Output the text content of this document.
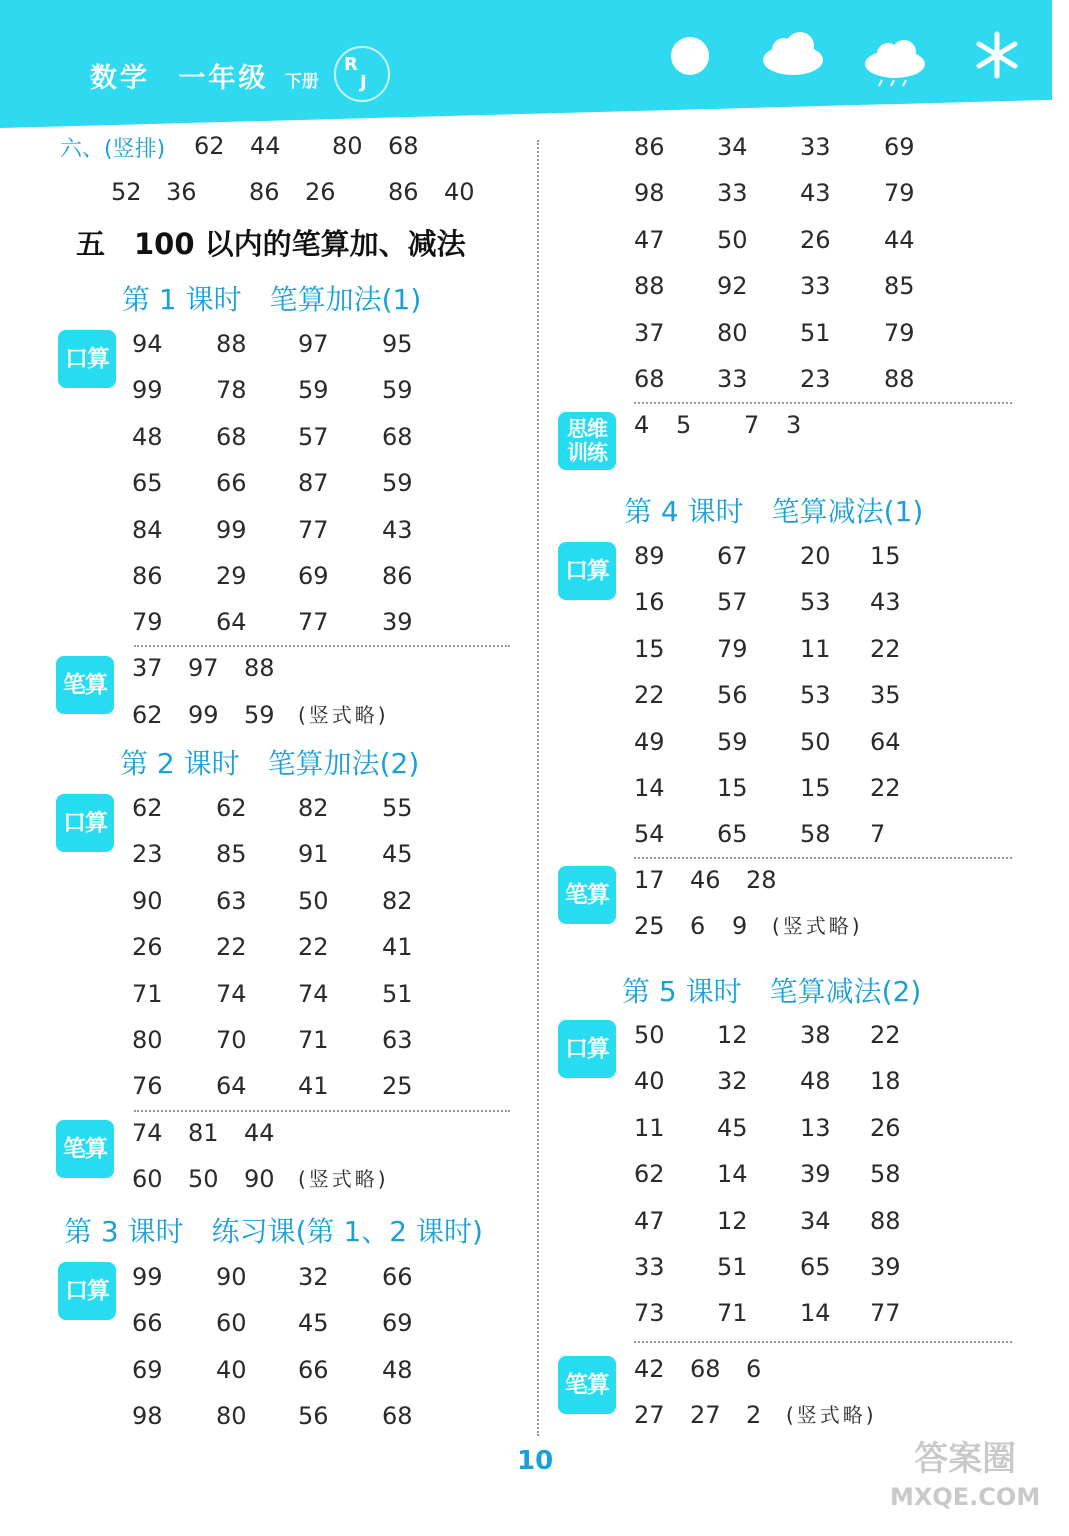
数学 一年级 下册
R
J
六、(竖排) 62 44 80 68
52 36 86 26 86 40
五　100 以内的笔算加、减法
第 1 课时　笔算加法(1)
口算
94 88 97 95
99 78 59 59
48 68 57 68
65 66 87 59
84 99 77 43
86 29 69 86
79 64 77 39
笔算
37 97 88
62 99 59 (竖式略)
第 2 课时　笔算加法(2)
口算
62 62 82 55
23 85 91 45
90 63 50 82
26 22 22 41
71 74 74 51
80 70 71 63
76 64 41 25
笔算
74 81 44
60 50 90 (竖式略)
第 3 课时　练习课(第 1、2 课时)
口算 99 90 32 66
66 60 45 69
69 40 66 48
98 80 56 68
86 34 33 69
98 33 43 79
47 50 26 44
88 92 33 85
37 80 51 79
68 33 23 88
思维
训练
4 5 7 3
第 4 课时　笔算减法(1)
口算
89 67 20 15
16 57 53 43
15 79 11 22
22 56 53 35
49 59 50 64
14 15 15 22
54 65 58 7
笔算
17 46 28
25 6 9 (竖式略)
第 5 课时　笔算减法(2)
口算 50 12 38 22
40 32 48 18
11 45 13 26
62 14 39 58
47 12 34 88
33 51 65 39
73 71 14 77
笔算
42 68 6
27 27 2 (竖式略)
10	答案圈
MXQE.COM
